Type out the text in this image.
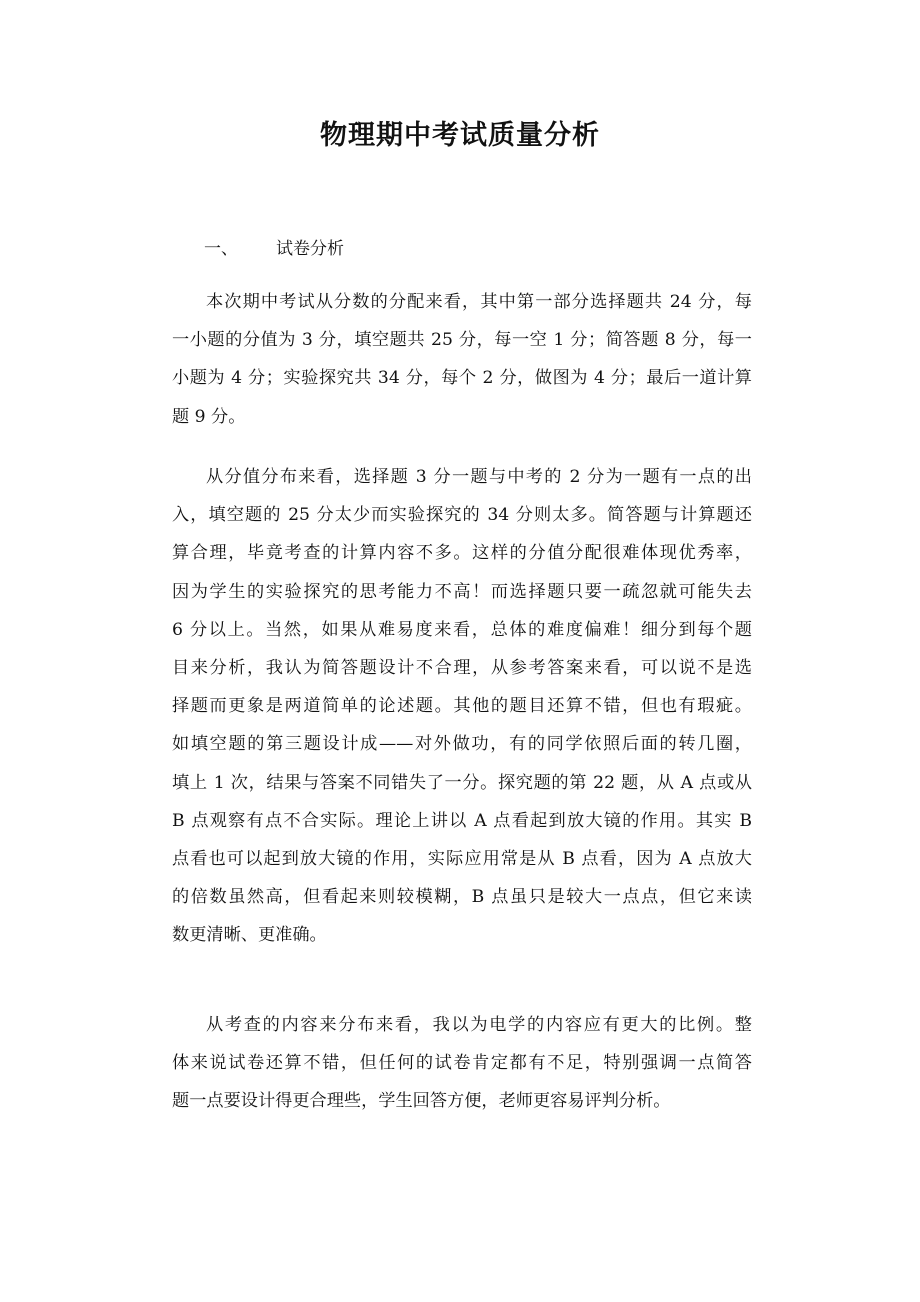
物理期中考试质量分析
一、 试卷分析
本次期中考试从分数的分配来看，其中第一部分选择题共 24 分，每
一小题的分值为 3 分，填空题共 25 分，每一空 1 分；简答题 8 分，每一
小题为 4 分；实验探究共 34 分，每个 2 分，做图为 4 分；最后一道计算
题 9 分。
从分值分布来看，选择题 3 分一题与中考的 2 分为一题有一点的出
入，填空题的 25 分太少而实验探究的 34 分则太多。简答题与计算题还
算合理，毕竟考查的计算内容不多。这样的分值分配很难体现优秀率，
因为学生的实验探究的思考能力不高！而选择题只要一疏忽就可能失去
6 分以上。当然，如果从难易度来看，总体的难度偏难！细分到每个题
目来分析，我认为简答题设计不合理，从参考答案来看，可以说不是选
择题而更象是两道简单的论述题。其他的题目还算不错，但也有瑕疵。
如填空题的第三题设计成——对外做功，有的同学依照后面的转几圈，
填上 1 次，结果与答案不同错失了一分。探究题的第 22 题，从 A 点或从
B 点观察有点不合实际。理论上讲以 A 点看起到放大镜的作用。其实 B
点看也可以起到放大镜的作用，实际应用常是从 B 点看，因为 A 点放大
的倍数虽然高，但看起来则较模糊，B 点虽只是较大一点点，但它来读
数更清晰、更准确。
从考查的内容来分布来看，我以为电学的内容应有更大的比例。整
体来说试卷还算不错，但任何的试卷肯定都有不足，特别强调一点简答
题一点要设计得更合理些，学生回答方便，老师更容易评判分析。
